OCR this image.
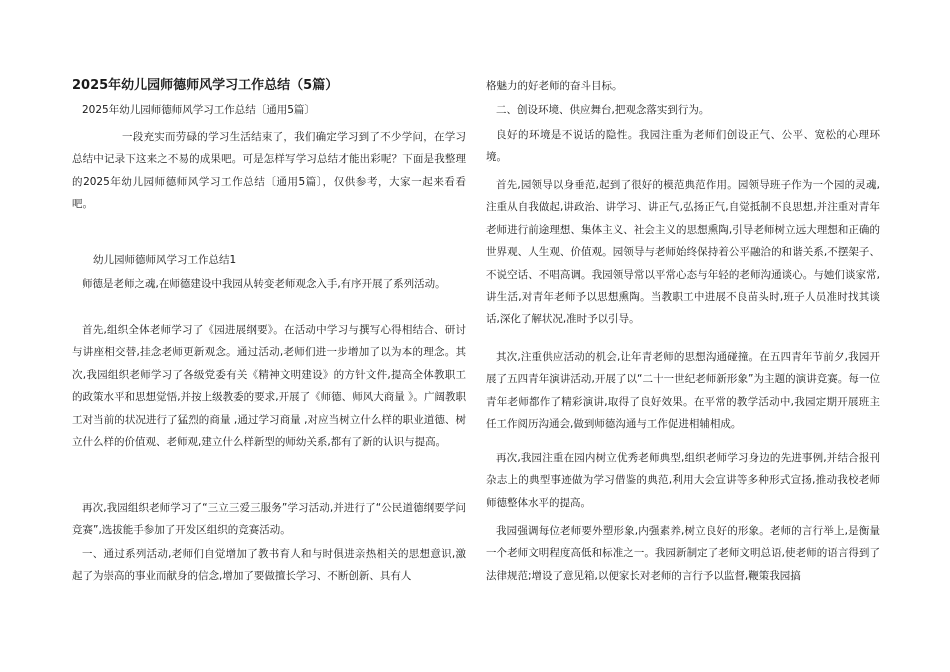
2025年幼儿园师德师风学习工作总结（5篇）

2025年幼儿园师德师风学习工作总结〔通用5篇〕

一段充实而劳碌的学习生活结束了，我们确定学习到了不少学问，在学习总结中记录下这来之不易的成果吧。可是怎样写学习总结才能出彩呢？下面是我整理的2025年幼儿园师德师风学习工作总结〔通用5篇〕，仅供参考，大家一起来看看吧。

幼儿园师德师风学习工作总结1

师德是老师之魂,在师德建设中我园从转变老师观念入手,有序开展了系列活动。

首先,组织全体老师学习了《园进展纲要》。在活动中学习与撰写心得相结合、研讨与讲座相交替,挂念老师更新观念。通过活动,老师们进一步增加了以为本的理念。其次,我园组织老师学习了各级党委有关《精神文明建设》的方针文件,提高全体教职工的政策水平和思想觉悟,并按上级教委的要求,开展了《师德、师风大商量 》。广阔教职工对当前的状况进行了猛烈的商量 ,通过学习商量 ,对应当树立什么样的职业道德、树立什么样的价值观、老师观,建立什么样新型的师幼关系,都有了新的认识与提高。

再次,我园组织老师学习了“三立三爱三服务”学习活动,并进行了“公民道德纲要学问竞赛”,选拔能手参加了开发区组织的竞赛活动。

一、通过系列活动,老师们自觉增加了教书育人和与时俱进亲热相关的思想意识,激起了为崇高的事业而献身的信念,增加了要做擅长学习、不断创新、具有人

格魅力的好老师的奋斗目标。

二、创设环境、供应舞台,把观念落实到行为。

良好的环境是不说话的隐性。我园注重为老师们创设正气、公平、宽松的心理环境。

首先,园领导以身垂范,起到了很好的模范典范作用。园领导班子作为一个园的灵魂,注重从自我做起,讲政治、讲学习、讲正气,弘扬正气,自觉抵制不良思想,并注重对青年老师进行前途理想、集体主义、社会主义的思想熏陶,引导老师树立远大理想和正确的世界观、人生观、价值观。园领导与老师始终保持着公平融洽的和谐关系,不摆架子、不说空话、不唱高调。我园领导常以平常心态与年轻的老师沟通谈心。与她们谈家常,讲生活,对青年老师予以思想熏陶。当教职工中进展不良苗头时,班子人员准时找其谈话,深化了解状况,准时予以引导。

其次,注重供应活动的机会,让年青老师的思想沟通碰撞。在五四青年节前夕,我园开展了五四青年演讲活动,开展了以“二十一世纪老师新形象”为主题的演讲竞赛。每一位青年老师都作了精彩演讲,取得了良好效果。在平常的教学活动中,我园定期开展班主任工作阅历沟通会,做到师德沟通与工作促进相辅相成。

再次,我园注重在园内树立优秀老师典型,组织老师学习身边的先进事例,并结合报刊杂志上的典型事迹做为学习借鉴的典范,利用大会宣讲等多种形式宣扬,推动我校老师师德整体水平的提高。

我园强调每位老师要外塑形象,内强素养,树立良好的形象。老师的言行举上,是衡量一个老师文明程度高低和标准之一。我园新制定了老师文明总语,使老师的语言得到了法律规范;增设了意见箱,以便家长对老师的言行予以监督,鞭策我园搞
